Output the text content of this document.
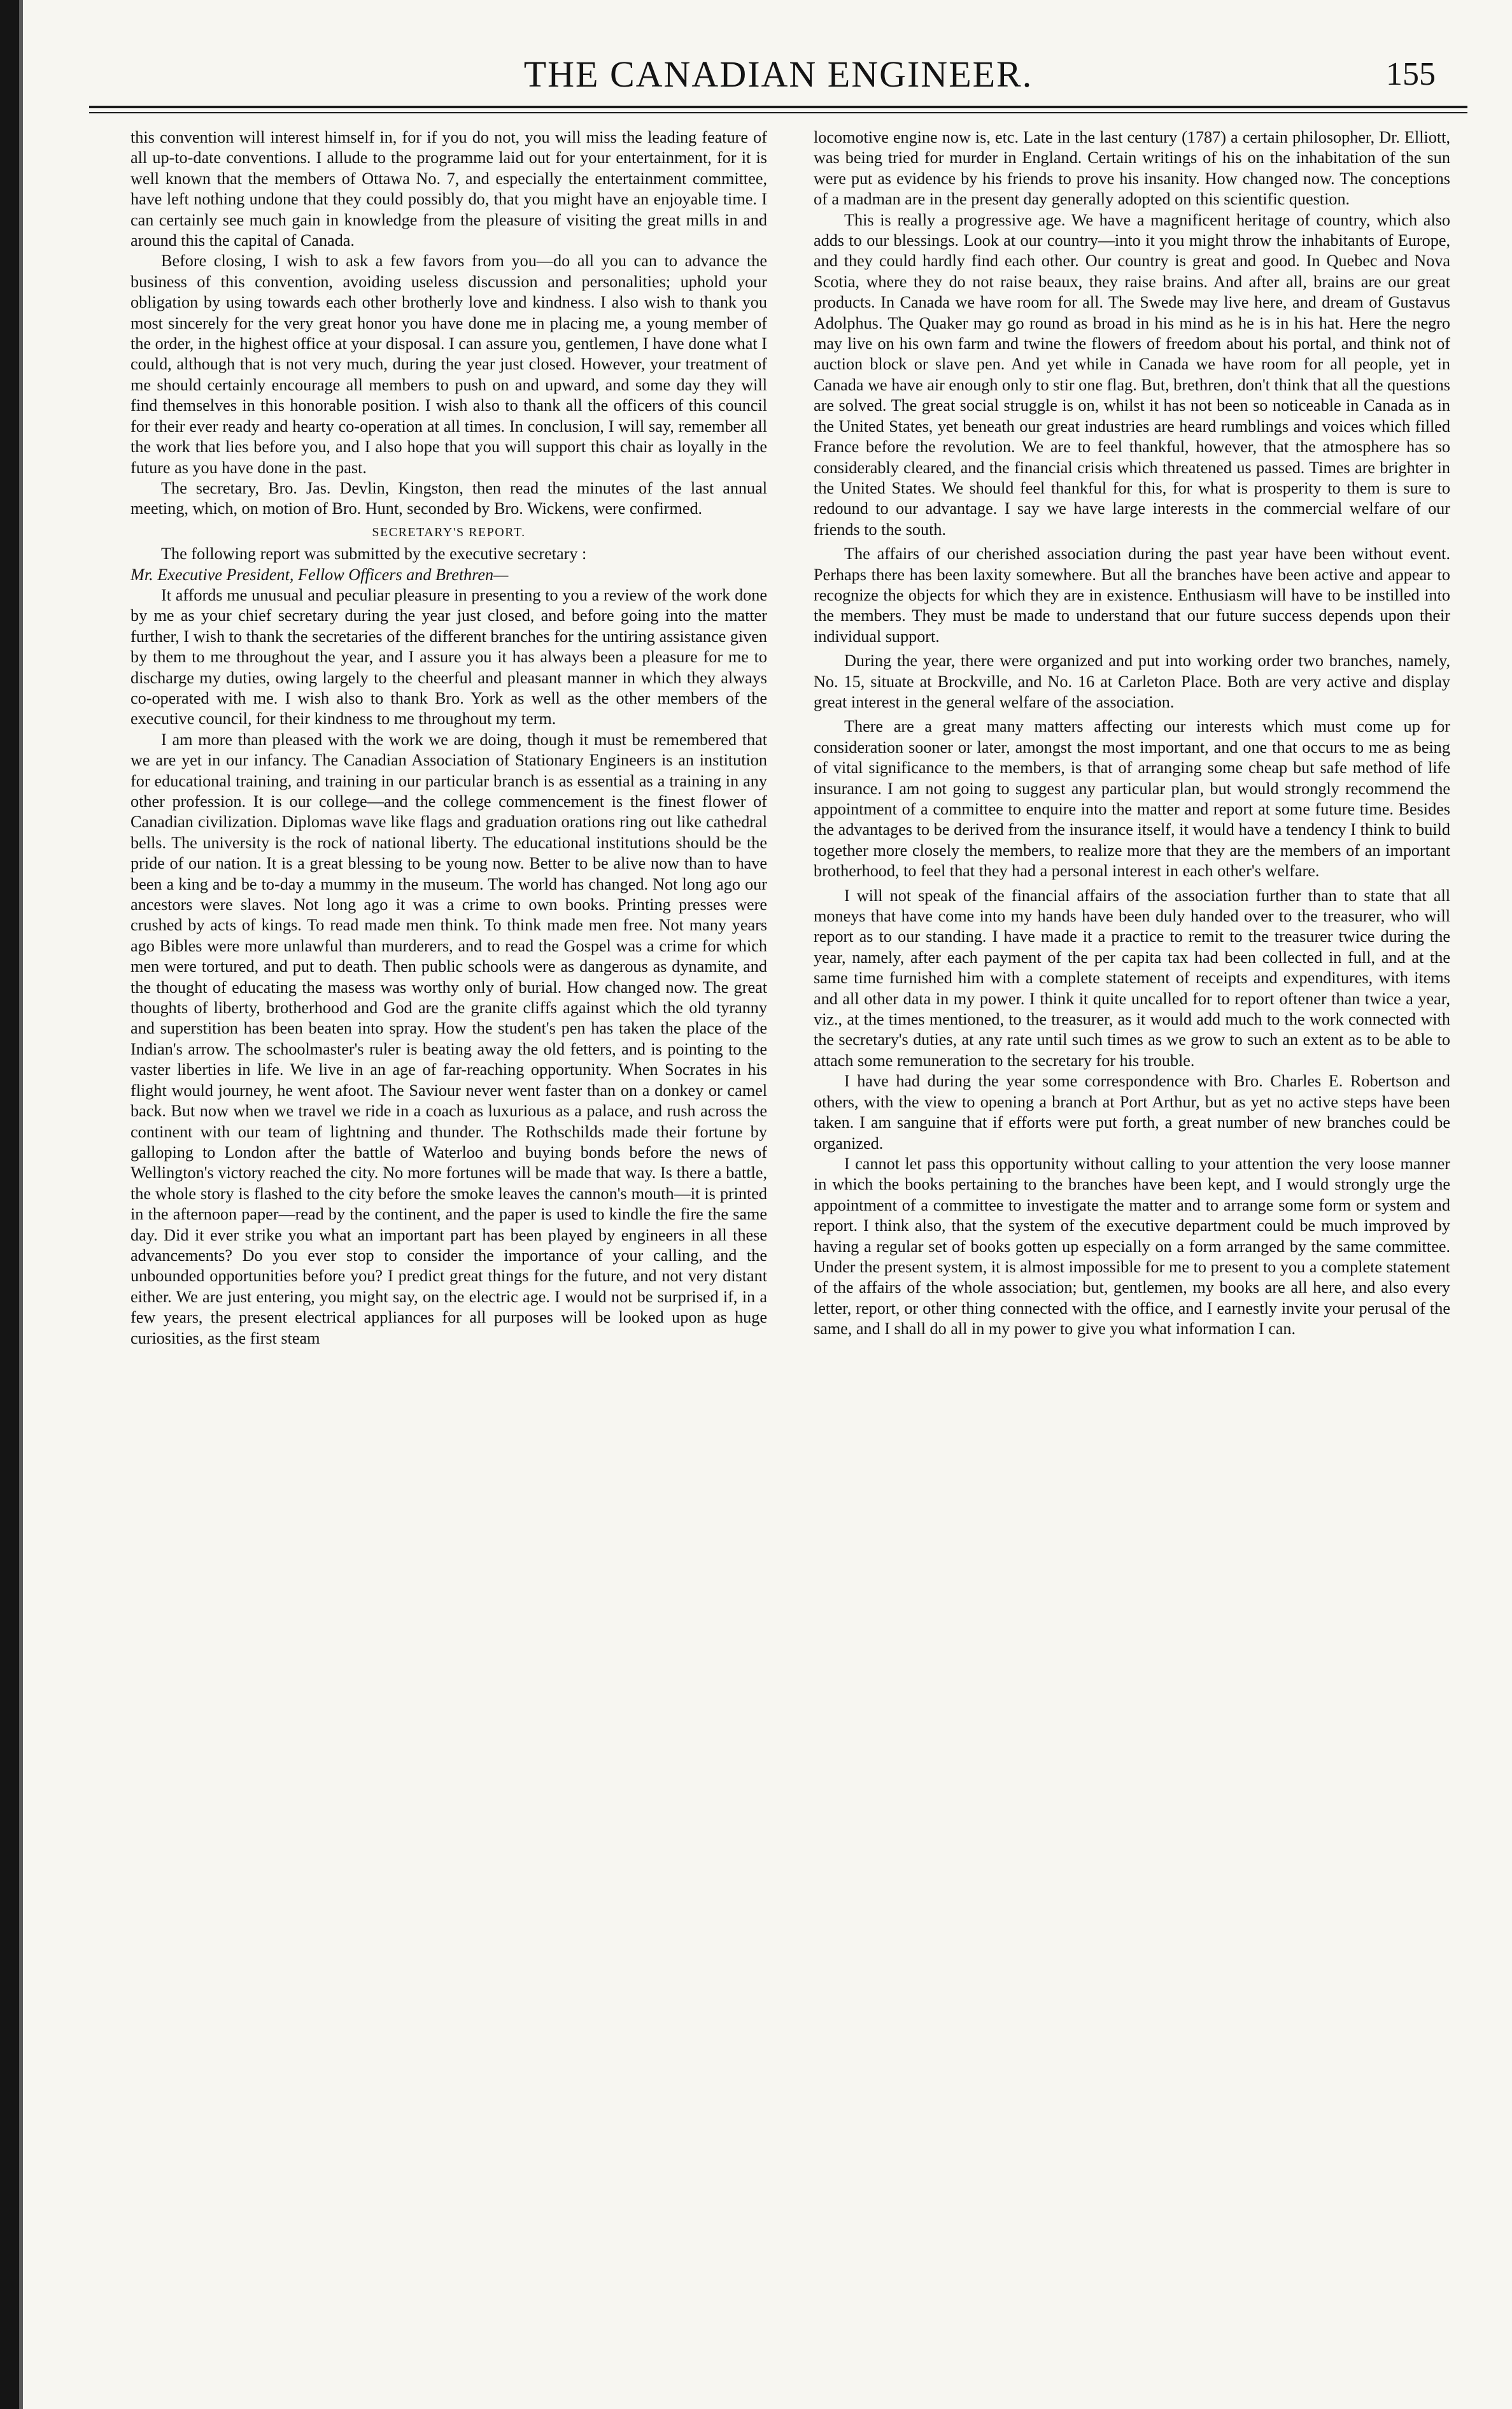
THE CANADIAN ENGINEER.	155

this convention will interest himself in, for if you do not, you will miss the leading feature of all up-to-date conventions. I allude to the programme laid out for your entertainment, for it is well known that the members of Ottawa No. 7, and especially the entertainment committee, have left nothing undone that they could possibly do, that you might have an enjoyable time. I can certainly see much gain in knowledge from the pleasure of visiting the great mills in and around this the capital of Canada.

Before closing, I wish to ask a few favors from you—do all you can to advance the business of this convention, avoiding useless discussion and personalities; uphold your obligation by using towards each other brotherly love and kindness. I also wish to thank you most sincerely for the very great honor you have done me in placing me, a young member of the order, in the highest office at your disposal. I can assure you, gentlemen, I have done what I could, although that is not very much, during the year just closed. However, your treatment of me should certainly encourage all members to push on and upward, and some day they will find themselves in this honorable position. I wish also to thank all the officers of this council for their ever ready and hearty co-operation at all times. In conclusion, I will say, remember all the work that lies before you, and I also hope that you will support this chair as loyally in the future as you have done in the past.

The secretary, Bro. Jas. Devlin, Kingston, then read the minutes of the last annual meeting, which, on motion of Bro. Hunt, seconded by Bro. Wickens, were confirmed.

SECRETARY'S REPORT.

The following report was submitted by the executive secretary :

Mr. Executive President, Fellow Officers and Brethren—

It affords me unusual and peculiar pleasure in presenting to you a review of the work done by me as your chief secretary during the year just closed, and before going into the matter further, I wish to thank the secretaries of the different branches for the untiring assistance given by them to me throughout the year, and I assure you it has always been a pleasure for me to discharge my duties, owing largely to the cheerful and pleasant manner in which they always co-operated with me. I wish also to thank Bro. York as well as the other members of the executive council, for their kindness to me throughout my term.

I am more than pleased with the work we are doing, though it must be remembered that we are yet in our infancy. The Canadian Association of Stationary Engineers is an institution for educational training, and training in our particular branch is as essential as a training in any other profession. It is our college—and the college commencement is the finest flower of Canadian civilization. Diplomas wave like flags and graduation orations ring out like cathedral bells. The university is the rock of national liberty. The educational institutions should be the pride of our nation. It is a great blessing to be young now. Better to be alive now than to have been a king and be to-day a mummy in the museum. The world has changed. Not long ago our ancestors were slaves. Not long ago it was a crime to own books. Printing presses were crushed by acts of kings. To read made men think. To think made men free. Not many years ago Bibles were more unlawful than murderers, and to read the Gospel was a crime for which men were tortured, and put to death. Then public schools were as dangerous as dynamite, and the thought of educating the masess was worthy only of burial. How changed now. The great thoughts of liberty, brotherhood and God are the granite cliffs against which the old tyranny and superstition has been beaten into spray. How the student's pen has taken the place of the Indian's arrow. The schoolmaster's ruler is beating away the old fetters, and is pointing to the vaster liberties in life. We live in an age of far-reaching opportunity. When Socrates in his flight would journey, he went afoot. The Saviour never went faster than on a donkey or camel back. But now when we travel we ride in a coach as luxurious as a palace, and rush across the continent with our team of lightning and thunder. The Rothschilds made their fortune by galloping to London after the battle of Waterloo and buying bonds before the news of Wellington's victory reached the city. No more fortunes will be made that way. Is there a battle, the whole story is flashed to the city before the smoke leaves the cannon's mouth—it is printed in the afternoon paper—read by the continent, and the paper is used to kindle the fire the same day. Did it ever strike you what an important part has been played by engineers in all these advancements? Do you ever stop to consider the importance of your calling, and the unbounded opportunities before you? I predict great things for the future, and not very distant either. We are just entering, you might say, on the electric age. I would not be surprised if, in a few years, the present electrical appliances for all purposes will be looked upon as huge curiosities, as the first steam

locomotive engine now is, etc. Late in the last century (1787) a certain philosopher, Dr. Elliott, was being tried for murder in England. Certain writings of his on the inhabitation of the sun were put as evidence by his friends to prove his insanity. How changed now. The conceptions of a madman are in the present day generally adopted on this scientific question.

This is really a progressive age. We have a magnificent heritage of country, which also adds to our blessings. Look at our country—into it you might throw the inhabitants of Europe, and they could hardly find each other. Our country is great and good. In Quebec and Nova Scotia, where they do not raise beaux, they raise brains. And after all, brains are our great products. In Canada we have room for all. The Swede may live here, and dream of Gustavus Adolphus. The Quaker may go round as broad in his mind as he is in his hat. Here the negro may live on his own farm and twine the flowers of freedom about his portal, and think not of auction block or slave pen. And yet while in Canada we have room for all people, yet in Canada we have air enough only to stir one flag. But, brethren, don't think that all the questions are solved. The great social struggle is on, whilst it has not been so noticeable in Canada as in the United States, yet beneath our great industries are heard rumblings and voices which filled France before the revolution. We are to feel thankful, however, that the atmosphere has so considerably cleared, and the financial crisis which threatened us passed. Times are brighter in the United States. We should feel thankful for this, for what is prosperity to them is sure to redound to our advantage. I say we have large interests in the commercial welfare of our friends to the south.

The affairs of our cherished association during the past year have been without event. Perhaps there has been laxity somewhere. But all the branches have been active and appear to recognize the objects for which they are in existence. Enthusiasm will have to be instilled into the members. They must be made to understand that our future success depends upon their individual support.

During the year, there were organized and put into working order two branches, namely, No. 15, situate at Brockville, and No. 16 at Carleton Place. Both are very active and display great interest in the general welfare of the association.

There are a great many matters affecting our interests which must come up for consideration sooner or later, amongst the most important, and one that occurs to me as being of vital significance to the members, is that of arranging some cheap but safe method of life insurance. I am not going to suggest any particular plan, but would strongly recommend the appointment of a committee to enquire into the matter and report at some future time. Besides the advantages to be derived from the insurance itself, it would have a tendency I think to build together more closely the members, to realize more that they are the members of an important brotherhood, to feel that they had a personal interest in each other's welfare.

I will not speak of the financial affairs of the association further than to state that all moneys that have come into my hands have been duly handed over to the treasurer, who will report as to our standing. I have made it a practice to remit to the treasurer twice during the year, namely, after each payment of the per capita tax had been collected in full, and at the same time furnished him with a complete statement of receipts and expenditures, with items and all other data in my power. I think it quite uncalled for to report oftener than twice a year, viz., at the times mentioned, to the treasurer, as it would add much to the work connected with the secretary's duties, at any rate until such times as we grow to such an extent as to be able to attach some remuneration to the secretary for his trouble.

I have had during the year some correspondence with Bro. Charles E. Robertson and others, with the view to opening a branch at Port Arthur, but as yet no active steps have been taken. I am sanguine that if efforts were put forth, a great number of new branches could be organized.

I cannot let pass this opportunity without calling to your attention the very loose manner in which the books pertaining to the branches have been kept, and I would strongly urge the appointment of a committee to investigate the matter and to arrange some form or system and report. I think also, that the system of the executive department could be much improved by having a regular set of books gotten up especially on a form arranged by the same committee. Under the present system, it is almost impossible for me to present to you a complete statement of the affairs of the whole association; but, gentlemen, my books are all here, and also every letter, report, or other thing connected with the office, and I earnestly invite your perusal of the same, and I shall do all in my power to give you what information I can.
